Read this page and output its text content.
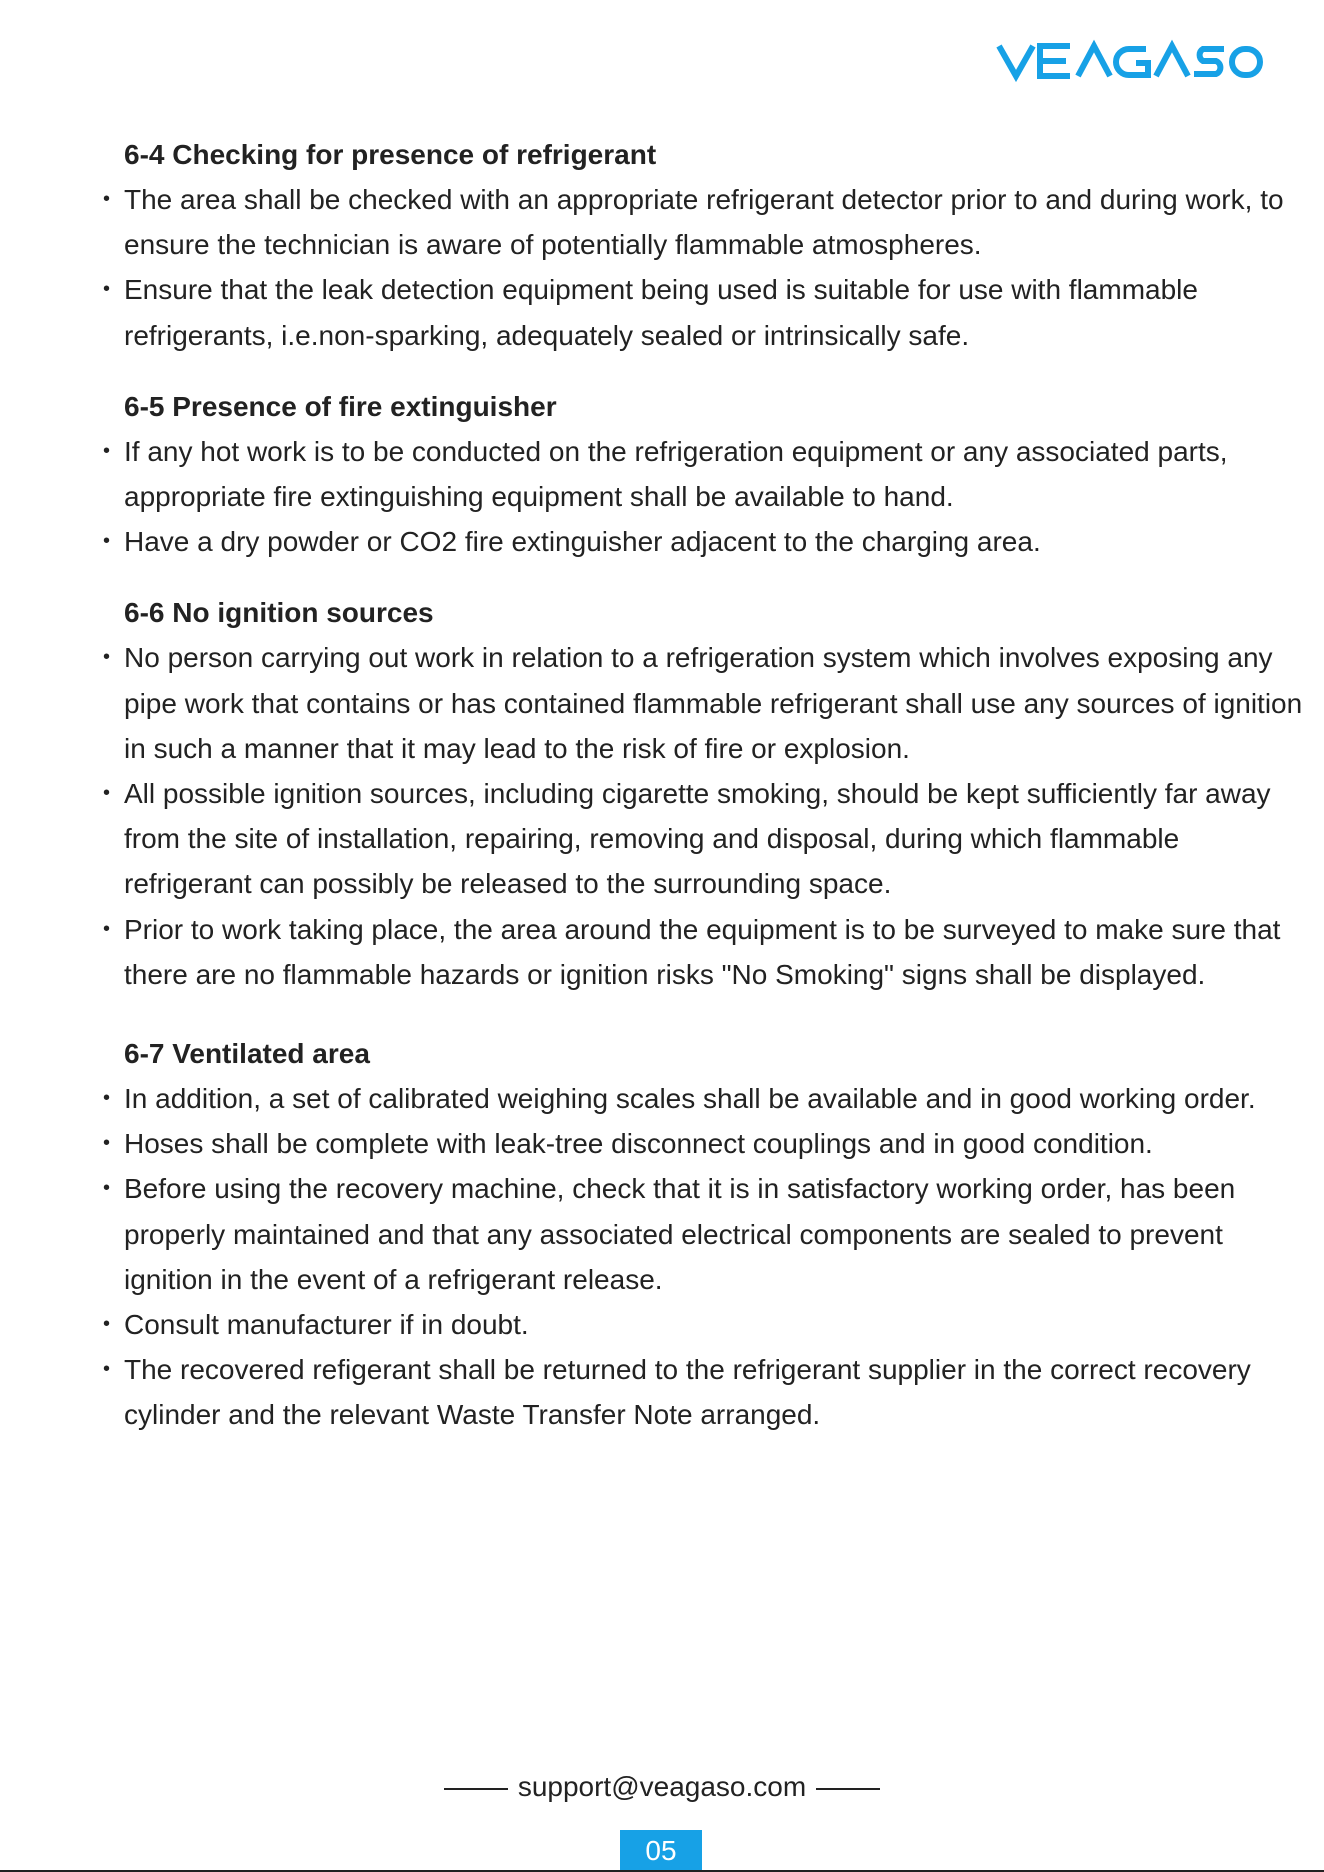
6-4 Checking for presence of refrigerant
• The area shall be checked with an appropriate refrigerant detector prior to and during work, to ensure the technician is aware of potentially flammable atmospheres.
• Ensure that the leak detection equipment being used is suitable for use with flammable refrigerants, i.e.non-sparking, adequately sealed or intrinsically safe.
6-5 Presence of fire extinguisher
• If any hot work is to be conducted on the refrigeration equipment or any associated parts, appropriate fire extinguishing equipment shall be available to hand.
• Have a dry powder or CO2 fire extinguisher adjacent to the charging area.
6-6 No ignition sources
• No person carrying out work in relation to a refrigeration system which involves exposing any pipe work that contains or has contained flammable refrigerant shall use any sources of ignition in such a manner that it may lead to the risk of fire or explosion.
• All possible ignition sources, including cigarette smoking, should be kept sufficiently far away from the site of installation, repairing, removing and disposal, during which flammable refrigerant can possibly be released to the surrounding space.
• Prior to work taking place, the area around the equipment is to be surveyed to make sure that there are no flammable hazards or ignition risks "No Smoking" signs shall be displayed.
6-7 Ventilated area
• In addition, a set of calibrated weighing scales shall be available and in good working order.
• Hoses shall be complete with leak-tree disconnect couplings and in good condition.
• Before using the recovery machine, check that it is in satisfactory working order, has been properly maintained and that any associated electrical components are sealed to prevent ignition in the event of a refrigerant release.
• Consult manufacturer if in doubt.
• The recovered refigerant shall be returned to the refrigerant supplier in the correct recovery cylinder and the relevant Waste Transfer Note arranged.
support@veagaso.com
05
